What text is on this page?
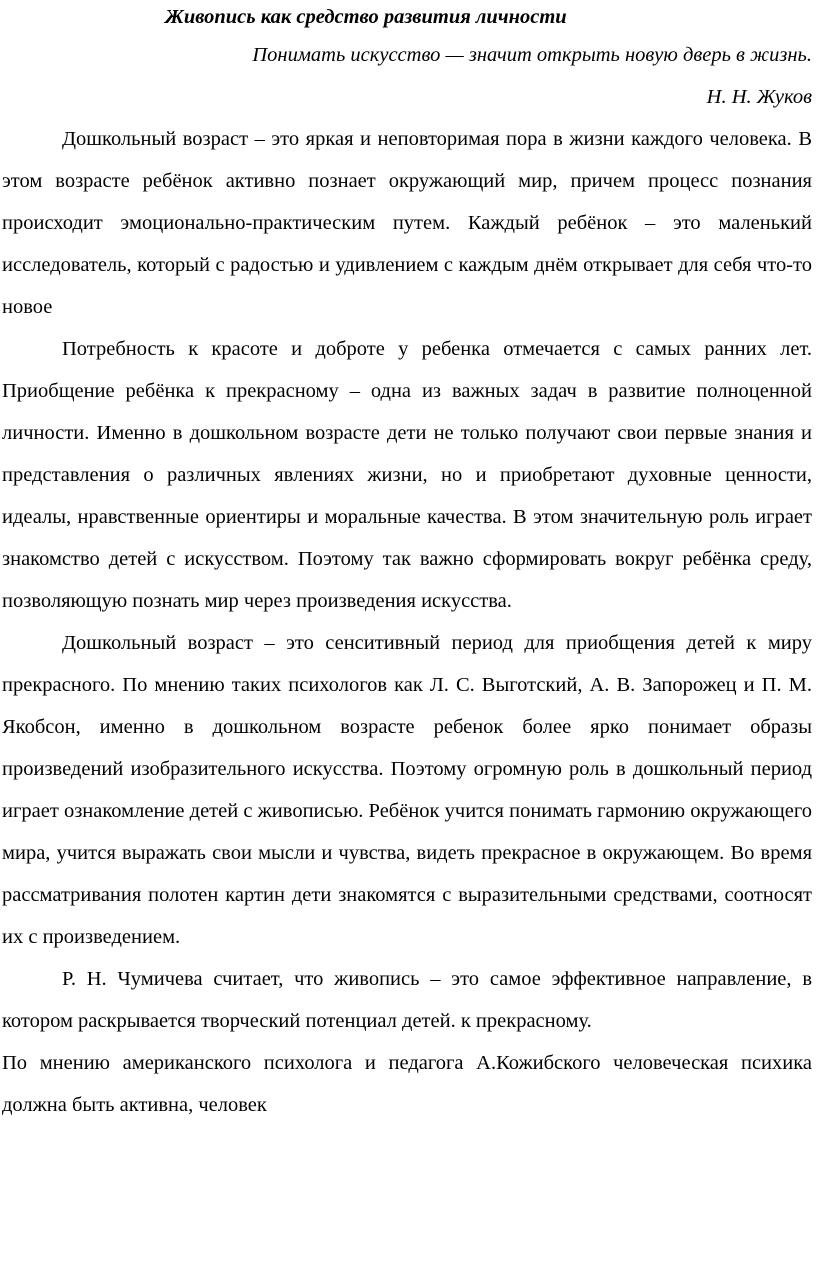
Живопись как средство развития личности

Понимать искусство — значит открыть новую дверь в жизнь.

Н. Н. Жуков

Дошкольный возраст – это яркая и неповторимая пора в жизни каждого человека. В этом возрасте ребёнок активно познает окружающий мир, причем процесс познания происходит эмоционально-практическим путем. Каждый ребёнок – это маленький исследователь, который с радостью и удивлением с каждым днём открывает для себя что-то новое

Потребность к красоте и доброте у ребенка отмечается с самых ранних лет. Приобщение ребёнка к прекрасному – одна из важных задач в развитие полноценной личности. Именно в дошкольном возрасте дети не только получают свои первые знания и представления о различных явлениях жизни, но и приобретают духовные ценности, идеалы, нравственные ориентиры и моральные качества. В этом значительную роль играет знакомство детей с искусством. Поэтому так важно сформировать вокруг ребёнка среду, позволяющую познать мир через произведения искусства.

Дошкольный возраст – это сенситивный период для приобщения детей к миру прекрасного. По мнению таких психологов как Л. С. Выготский, А. В. Запорожец и П. М. Якобсон, именно в дошкольном возрасте ребенок более ярко понимает образы произведений изобразительного искусства. Поэтому огромную роль в дошкольный период играет ознакомление детей с живописью. Ребёнок учится понимать гармонию окружающего мира, учится выражать свои мысли и чувства, видеть прекрасное в окружающем. Во время рассматривания полотен картин дети знакомятся с выразительными средствами, соотносят их с произведением.

Р. Н. Чумичева считает, что живопись – это самое эффективное направление, в котором раскрывается творческий потенциал детей. к прекрасному.

По мнению американского психолога и педагога А.Кожибского человеческая психика должна быть активна, человек
